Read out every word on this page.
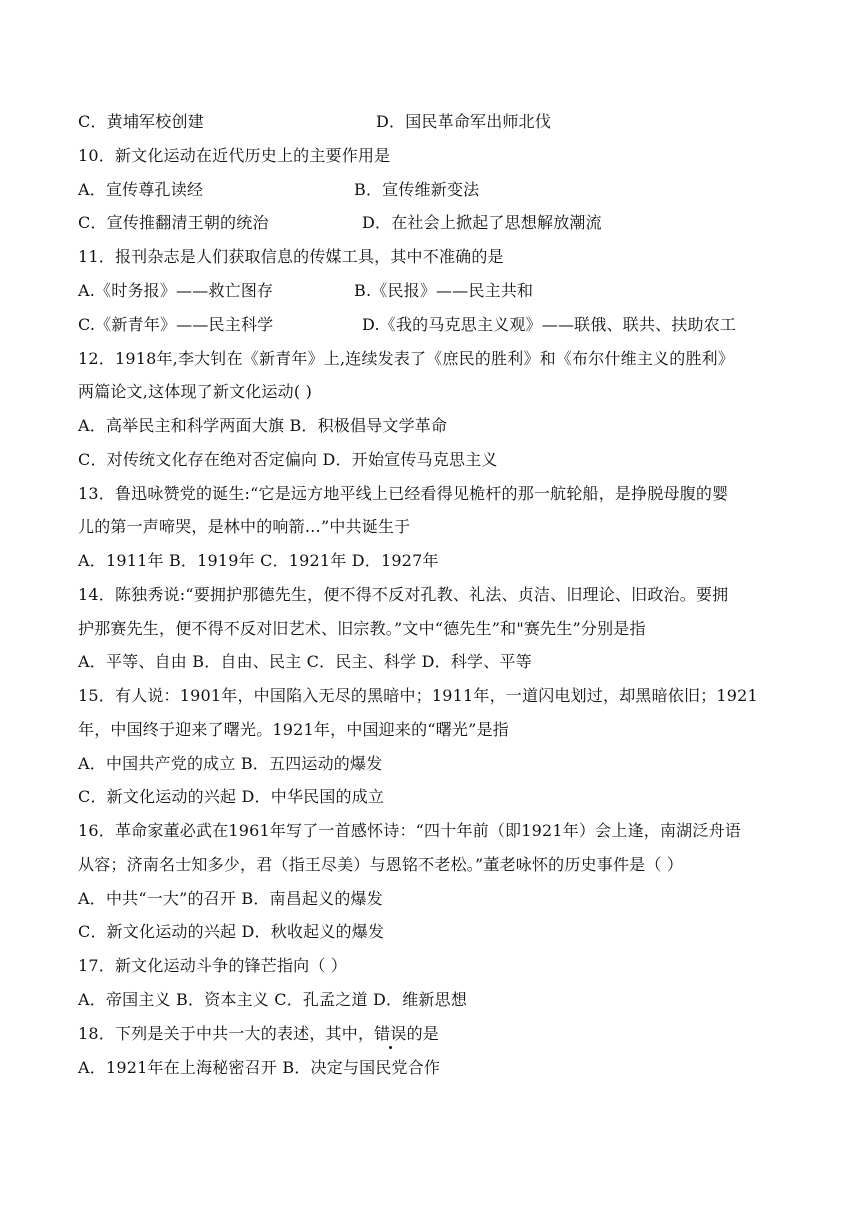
C．黄埔军校创建	D．国民革命军出师北伐
10．新文化运动在近代历史上的主要作用是
A．宣传尊孔读经	B．宣传维新变法
C．宣传推翻清王朝的统治	D．在社会上掀起了思想解放潮流
11．报刊杂志是人们获取信息的传媒工具，其中不准确的是
A.《时务报》——救亡图存	B.《民报》——民主共和
C.《新青年》——民主科学	D.《我的马克思主义观》——联俄、联共、扶助农工
12．1918年,李大钊在《新青年》上,连续发表了《庶民的胜利》和《布尔什维主义的胜利》
两篇论文,这体现了新文化运动( )
A．高举民主和科学两面大旗 B．积极倡导文学革命
C．对传统文化存在绝对否定偏向 D．开始宣传马克思主义
13．鲁迅咏赞党的诞生:“它是远方地平线上已经看得见桅杆的那一航轮船，是挣脱母腹的婴
儿的第一声啼哭，是林中的响箭…”中共诞生于
A．1911年 B．1919年 C．1921年 D．1927年
14．陈独秀说:“要拥护那德先生，便不得不反对孔教、礼法、贞洁、旧理论、旧政治。要拥
护那赛先生，便不得不反对旧艺术、旧宗教。”文中“德先生”和"赛先生”分别是指
A．平等、自由 B．自由、民主 C．民主、科学 D．科学、平等
15．有人说：1901年，中国陷入无尽的黑暗中；1911年，一道闪电划过，却黑暗依旧；1921
年，中国终于迎来了曙光。1921年，中国迎来的“曙光”是指
A．中国共产党的成立 B．五四运动的爆发
C．新文化运动的兴起 D．中华民国的成立
16．革命家董必武在1961年写了一首感怀诗：“四十年前（即1921年）会上逢，南湖泛舟语
从容；济南名士知多少，君（指王尽美）与恩铭不老松。”董老咏怀的历史事件是（ ）
A．中共“一大”的召开 B．南昌起义的爆发
C．新文化运动的兴起 D．秋收起义的爆发
17．新文化运动斗争的锋芒指向（ ）
A．帝国主义 B．资本主义 C．孔孟之道 D．维新思想
18．下列是关于中共一大的表述，其中，错误的是
A．1921年在上海秘密召开 B．决定与国民党合作
